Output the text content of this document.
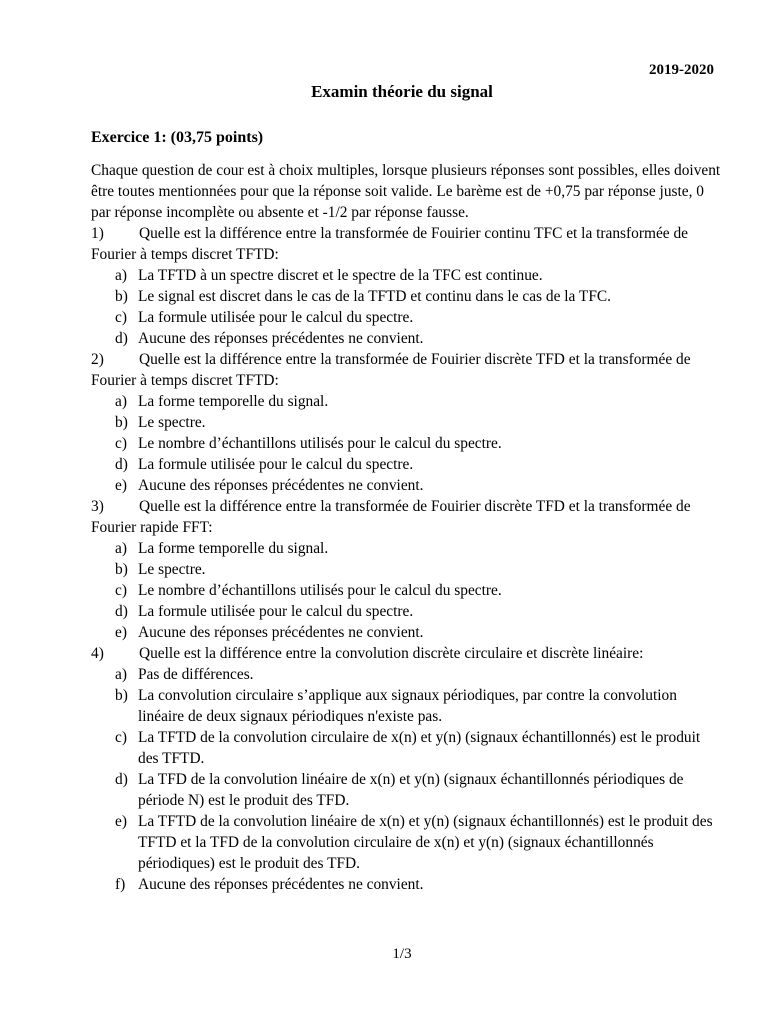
2019-2020
Examin théorie du signal
Exercice 1: (03,75 points)

Chaque question de cour est à choix multiples, lorsque plusieurs réponses sont possibles, elles doivent être toutes mentionnées pour que la réponse soit valide. Le barème est de +0,75 par réponse juste, 0 par réponse incomplète ou absente et -1/2 par réponse fausse.

1) Quelle est la différence entre la transformée de Fouirier continu TFC et la transformée de Fourier à temps discret TFTD:

a) La TFTD à un spectre discret et le spectre de la TFC est continue.
b) Le signal est discret dans le cas de la TFTD et continu dans le cas de la TFC.
c) La formule utilisée pour le calcul du spectre.
d) Aucune des réponses précédentes ne convient.

2) Quelle est la différence entre la transformée de Fouirier discrète TFD et la transformée de Fourier à temps discret TFTD:

a) La forme temporelle du signal.
b) Le spectre.
c) Le nombre d’échantillons utilisés pour le calcul du spectre.
d) La formule utilisée pour le calcul du spectre.
e) Aucune des réponses précédentes ne convient.

3) Quelle est la différence entre la transformée de Fouirier discrète TFD et la transformée de Fourier rapide FFT:

a) La forme temporelle du signal.
b) Le spectre.
c) Le nombre d’échantillons utilisés pour le calcul du spectre.
d) La formule utilisée pour le calcul du spectre.
e) Aucune des réponses précédentes ne convient.

4) Quelle est la différence entre la convolution discrète circulaire et discrète linéaire:

a) Pas de différences.
b) La convolution circulaire s’applique aux signaux périodiques, par contre la convolution linéaire de deux signaux périodiques n'existe pas.
c) La TFTD de la convolution circulaire de x(n) et y(n) (signaux échantillonnés) est le produit des TFTD.
d) La TFD de la convolution linéaire de x(n) et y(n) (signaux échantillonnés périodiques de période N) est le produit des TFD.
e) La TFTD de la convolution linéaire de x(n) et y(n) (signaux échantillonnés) est le produit des TFTD et la TFD de la convolution circulaire de x(n) et y(n) (signaux échantillonnés périodiques) est le produit des TFD.
f) Aucune des réponses précédentes ne convient.
1/3
